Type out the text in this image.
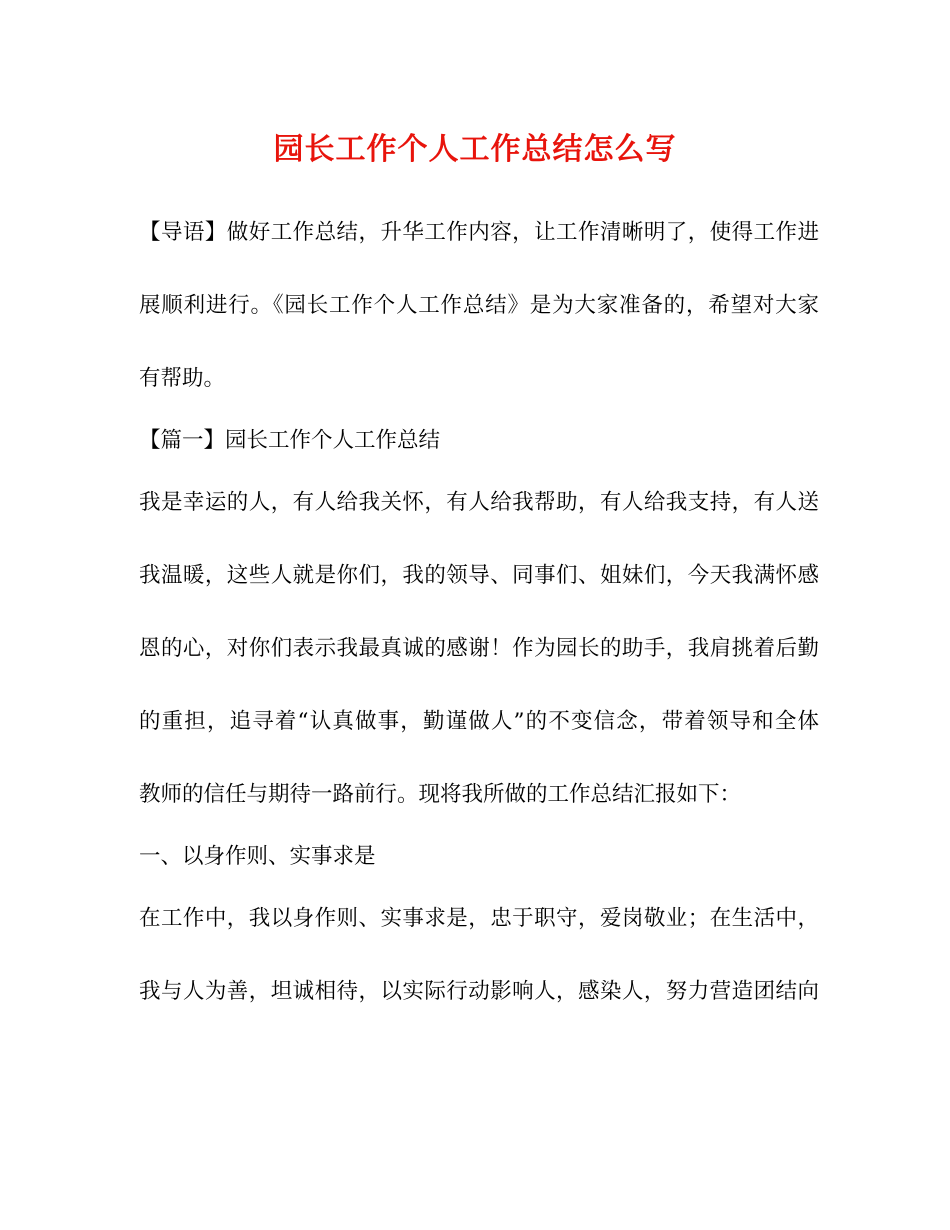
园长工作个人工作总结怎么写
【导语】做好工作总结，升华工作内容，让工作清晰明了，使得工作进
展顺利进行。《园长工作个人工作总结》是为大家准备的，希望对大家
有帮助。
【篇一】园长工作个人工作总结
我是幸运的人，有人给我关怀，有人给我帮助，有人给我支持，有人送
我温暖，这些人就是你们，我的领导、同事们、姐妹们，今天我满怀感
恩的心，对你们表示我最真诚的感谢！作为园长的助手，我肩挑着后勤
的重担，追寻着“认真做事，勤谨做人”的不变信念，带着领导和全体
教师的信任与期待一路前行。现将我所做的工作总结汇报如下：
一、以身作则、实事求是
在工作中，我以身作则、实事求是，忠于职守，爱岗敬业；在生活中，
我与人为善，坦诚相待，以实际行动影响人，感染人，努力营造团结向
